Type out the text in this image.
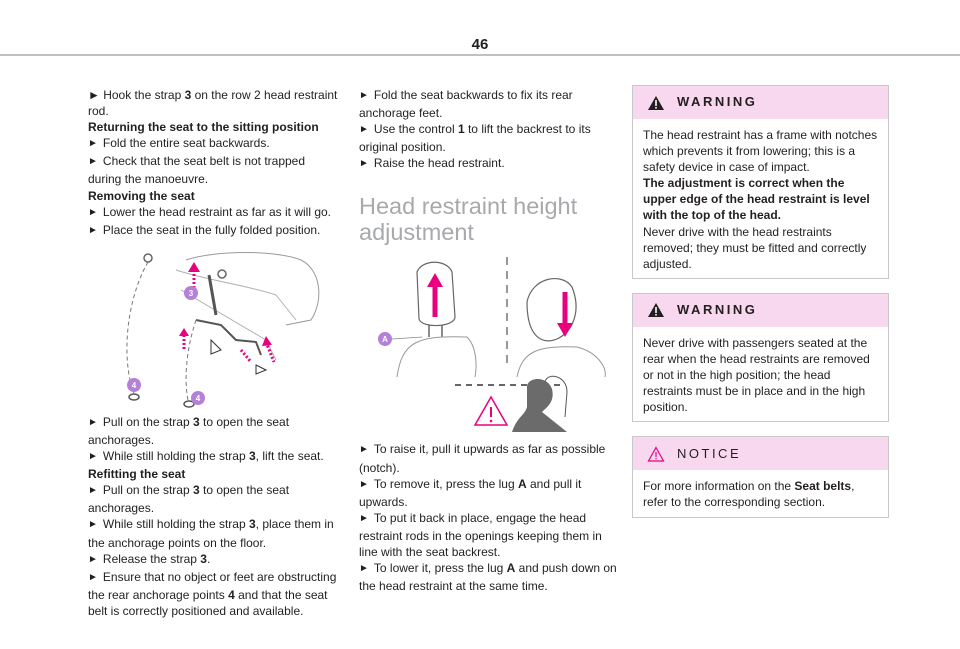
46

► Hook the strap 3 on the row 2 head restraint rod.

Returning the seat to the sitting position

► Fold the entire seat backwards.

► Check that the seat belt is not trapped during the manoeuvre.

Removing the seat

► Lower the head restraint as far as it will go.

► Place the seat in the fully folded position.

3
4
4

► Pull on the strap 3 to open the seat anchorages.

► While still holding the strap 3, lift the seat.

Refitting the seat

► Pull on the strap 3 to open the seat anchorages.

► While still holding the strap 3, place them in the anchorage points on the floor.

► Release the strap 3.

► Ensure that no object or feet are obstructing the rear anchorage points 4 and that the seat belt is correctly positioned and available.

► Fold the seat backwards to fix its rear anchorage feet.

► Use the control 1 to lift the backrest to its original position.

► Raise the head restraint.

Head restraint height adjustment
A

► To raise it, pull it upwards as far as possible (notch).

► To remove it, press the lug A and pull it upwards.

► To put it back in place, engage the head restraint rods in the openings keeping them in line with the seat backrest.

► To lower it, press the lug A and push down on the head restraint at the same time.

WARNING

The head restraint has a frame with notches which prevents it from lowering; this is a safety device in case of impact.

The adjustment is correct when the upper edge of the head restraint is level with the top of the head.

Never drive with the head restraints removed; they must be fitted and correctly adjusted.

WARNING

Never drive with passengers seated at the rear when the head restraints are removed or not in the high position; the head restraints must be in place and in the high position.

NOTICE

For more information on the Seat belts, refer to the corresponding section.
